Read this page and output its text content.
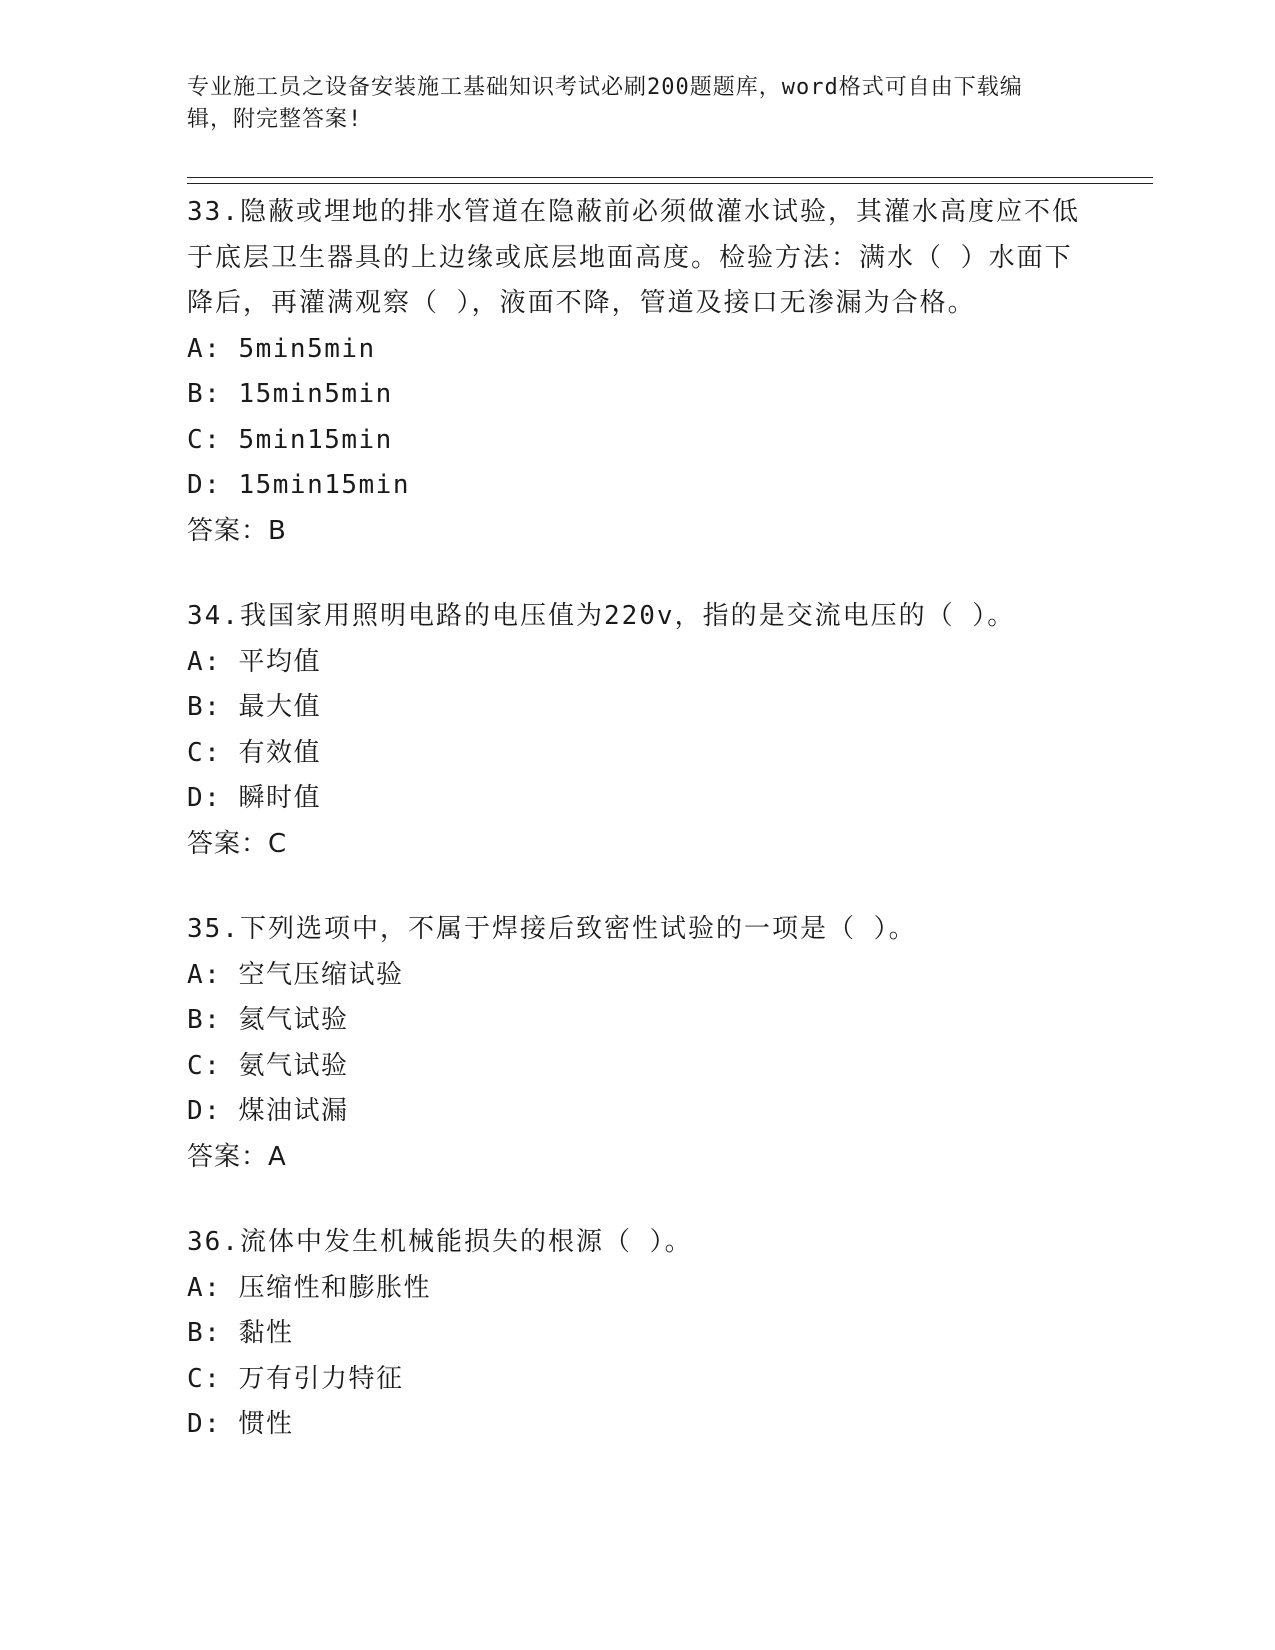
专业施工员之设备安装施工基础知识考试必刷200题题库，word格式可自由下载编辑，附完整答案!
33.隐蔽或埋地的排水管道在隐蔽前必须做灌水试验，其灌水高度应不低于底层卫生器具的上边缘或底层地面高度。检验方法：满水（ ）水面下降后，再灌满观察（ ），液面不降，管道及接口无渗漏为合格。
A: 5min5min
B: 15min5min
C: 5min15min
D: 15min15min
答案：B
34.我国家用照明电路的电压值为220v，指的是交流电压的（ ）。
A: 平均值
B: 最大值
C: 有效值
D: 瞬时值
答案：C
35.下列选项中，不属于焊接后致密性试验的一项是（ ）。
A: 空气压缩试验
B: 氦气试验
C: 氨气试验
D: 煤油试漏
答案：A
36.流体中发生机械能损失的根源（ ）。
A: 压缩性和膨胀性
B: 黏性
C: 万有引力特征
D: 惯性
